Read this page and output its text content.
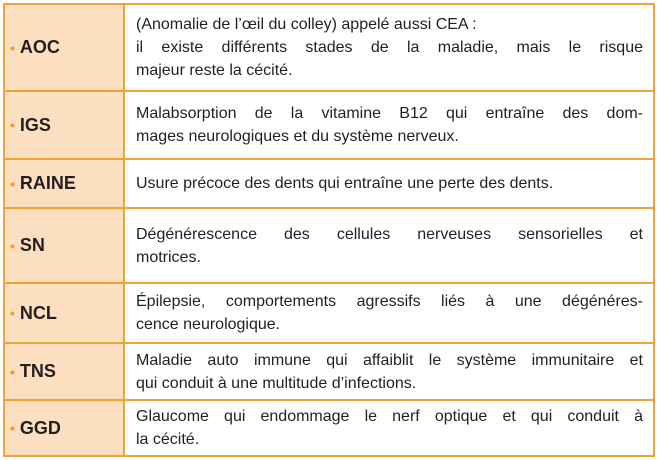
• AOC
(Anomalie de l’œil du colley) appelé aussi CEA :
il existe différents stades de la maladie, mais le risque
majeur reste la cécité.
• IGS
Malabsorption de la vitamine B12 qui entraîne des dom-
mages neurologiques et du système nerveux.
• RAINE	Usure précoce des dents qui entraîne une perte des dents.
• SN
Dégénérescence des cellules nerveuses sensorielles et
motrices.
• NCL
Épilepsie, comportements agressifs liés à une dégénéres-
cence neurologique.
• TNS
Maladie auto immune qui affaiblit le système immunitaire et
qui conduit à une multitude d’infections.
• GGD
Glaucome qui endommage le nerf optique et qui conduit à
la cécité.
